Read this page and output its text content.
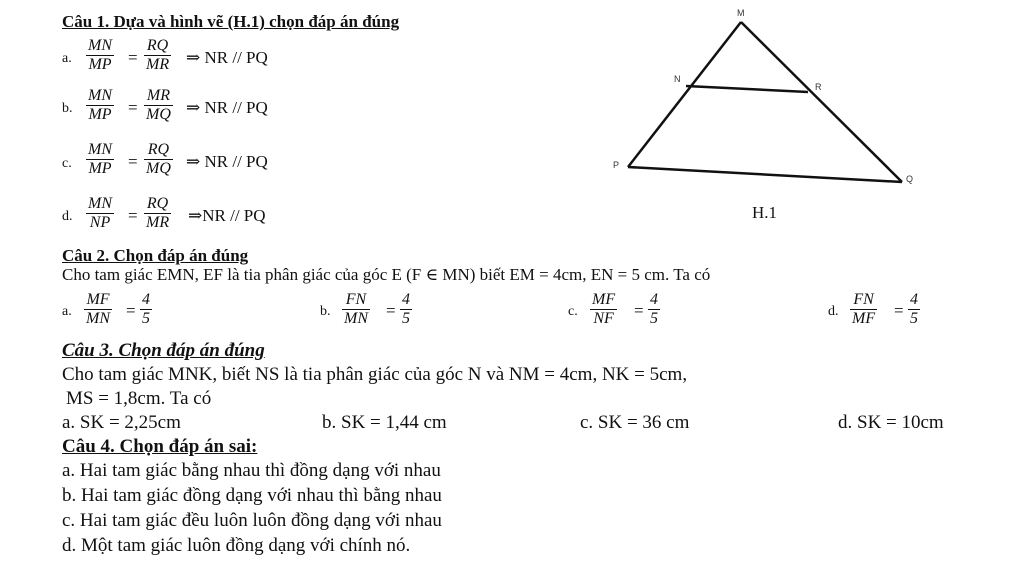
Câu 1. Dựa và hình vẽ (H.1) chọn đáp án đúng
a. $\frac{MN}{MP} = \frac{RQ}{MR}$ ⇒ NR // PQ
b. $\frac{MN}{MP} = \frac{MR}{MQ}$ ⇒ NR // PQ
c. $\frac{MN}{MP} = \frac{RQ}{MQ}$ ⇒ NR // PQ
d. $\frac{MN}{NP} = \frac{RQ}{MR}$ ⇒NR // PQ
M
N
R
P
Q
H.1
Câu 2. Chọn đáp án đúng
Cho tam giác EMN, EF là tia phân giác của góc E (F ∈ MN) biết EM = 4cm, EN = 5 cm. Ta có
a. $\frac{MF}{MN} = \frac{4}{5}$	b. $\frac{FN}{MN} = \frac{4}{5}$	c. $\frac{MF}{NF} = \frac{4}{5}$	d. $\frac{FN}{MF} = \frac{4}{5}$
Câu 3. Chọn đáp án đúng
Cho tam giác MNK, biết NS là tia phân giác của góc N và NM = 4cm, NK = 5cm,
MS = 1,8cm. Ta có
a. SK = 2,25cm	b. SK = 1,44 cm	c. SK = 36 cm	d. SK = 10cm
Câu 4. Chọn đáp án sai:
a. Hai tam giác bằng nhau thì đồng dạng với nhau
b. Hai tam giác đồng dạng với nhau thì bằng nhau
c. Hai tam giác đều luôn luôn đồng dạng với nhau
d. Một tam giác luôn đồng dạng với chính nó.
